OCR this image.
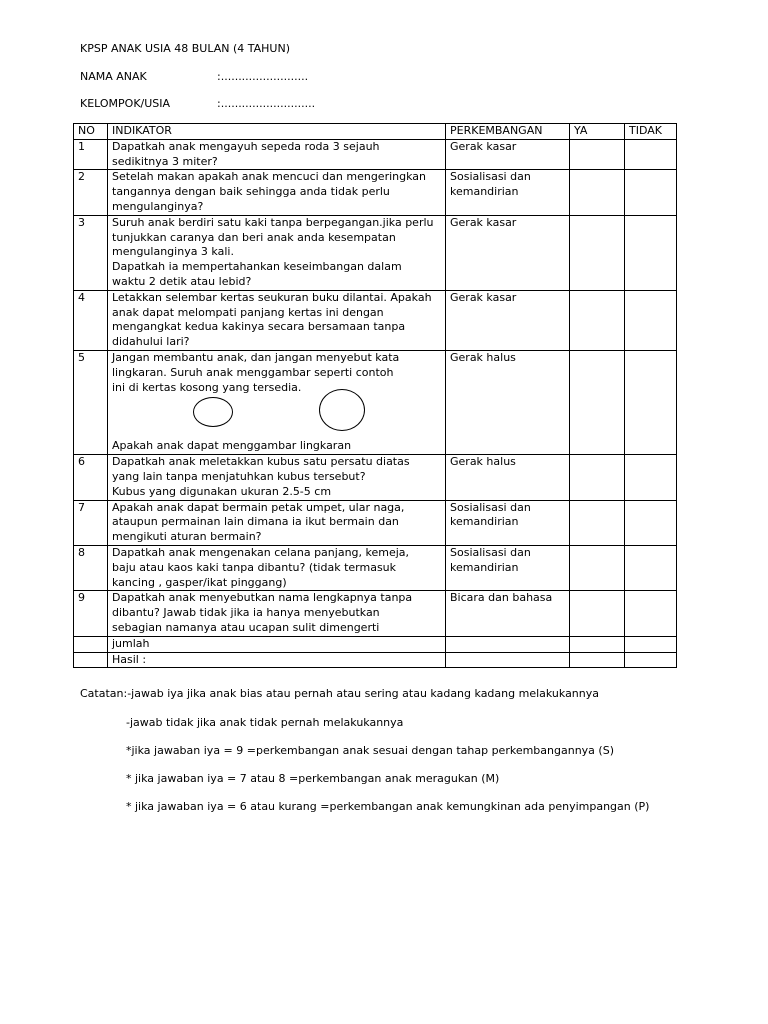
KPSP ANAK USIA 48 BULAN (4 TAHUN)
NAMA ANAK	:.........................
KELOMPOK/USIA	:...........................
NO	INDIKATOR	PERKEMBANGAN	YA	TIDAK
1	Dapatkah anak mengayuh sepeda roda 3 sejauh
sedikitnya 3 miter?	Gerak kasar		
2	Setelah makan apakah anak mencuci dan mengeringkan
tangannya dengan baik sehingga anda tidak perlu
mengulanginya?	Sosialisasi dan
kemandirian		
3	Suruh anak berdiri satu kaki tanpa berpegangan.jika perlu
tunjukkan caranya dan beri anak anda kesempatan
mengulanginya 3 kali.
Dapatkah ia mempertahankan keseimbangan dalam
waktu 2 detik atau lebid?	Gerak kasar		
4	Letakkan selembar kertas seukuran buku dilantai. Apakah
anak dapat melompati panjang kertas ini dengan
mengangkat kedua kakinya secara bersamaan tanpa
didahului lari?	Gerak kasar		
5	Jangan membantu anak, dan jangan menyebut kata
lingkaran. Suruh anak menggambar seperti contoh
ini di kertas kosong yang tersedia.
Apakah anak dapat menggambar lingkaran	Gerak halus		
6	Dapatkah anak meletakkan kubus satu persatu diatas
yang lain tanpa menjatuhkan kubus tersebut?
Kubus yang digunakan ukuran 2.5-5 cm	Gerak halus		
7	Apakah anak dapat bermain petak umpet, ular naga,
ataupun permainan lain dimana ia ikut bermain dan
mengikuti aturan bermain?	Sosialisasi dan
kemandirian		
8	Dapatkah anak mengenakan celana panjang, kemeja,
baju atau kaos kaki tanpa dibantu? (tidak termasuk
kancing , gasper/ikat pinggang)	Sosialisasi dan
kemandirian		
9	Dapatkah anak menyebutkan nama lengkapnya tanpa
dibantu? Jawab tidak jika ia hanya menyebutkan
sebagian namanya atau ucapan sulit dimengerti	Bicara dan bahasa		
	jumlah			
	Hasil :			
Catatan:-jawab iya jika anak bias atau pernah atau sering atau kadang kadang melakukannya
-jawab tidak jika anak tidak pernah melakukannya
*jika jawaban iya = 9 =perkembangan anak sesuai dengan tahap perkembangannya (S)
* jika jawaban iya = 7 atau 8 =perkembangan anak meragukan (M)
* jika jawaban iya = 6 atau kurang =perkembangan anak kemungkinan ada penyimpangan (P)
